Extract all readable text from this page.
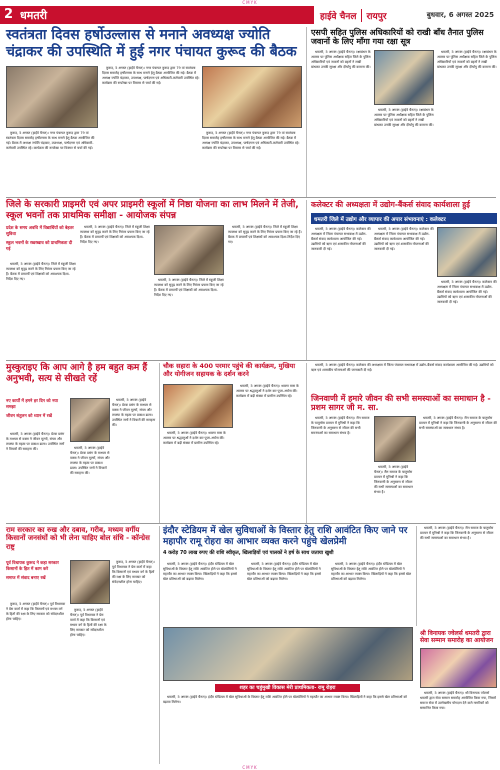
CMYK
2 धमतरी	हाईवे चैनल	रायपुर	बुधवार, 6 अगस्त 2025
स्वतंत्रता दिवस हर्षोउल्लास से मनाने अवध्यक्ष ज्योति चंद्राकर की उपस्थिति में हुई नगर पंचायत कुरूद की बैठक

कुरूद, 5 अगस्त (हाईवे चैनल)। नगर पंचायत कुरूद द्वारा 79 वां स्वतंत्रता दिवस समारोह हर्षोल्लास के साथ मनाने हेतु बैठक आयोजित की गई। बैठक में अध्यक्ष ज्योति चंद्राकर, उपाध्यक्ष, पार्षदगण एवं अधिकारी-कर्मचारी उपस्थित रहे। कार्यक्रम की रूपरेखा पर विस्तार से चर्चा की गई।

कुरूद, 5 अगस्त (हाईवे चैनल)। नगर पंचायत कुरूद द्वारा 79 वां स्वतंत्रता दिवस समारोह हर्षोल्लास के साथ मनाने हेतु बैठक आयोजित की गई। बैठक में अध्यक्ष ज्योति चंद्राकर, उपाध्यक्ष, पार्षदगण एवं अधिकारी-कर्मचारी उपस्थित रहे। कार्यक्रम की रूपरेखा पर विस्तार से चर्चा की गई।

कुरूद, 5 अगस्त (हाईवे चैनल)। नगर पंचायत कुरूद द्वारा 79 वां स्वतंत्रता दिवस समारोह हर्षोल्लास के साथ मनाने हेतु बैठक आयोजित की गई। बैठक में अध्यक्ष ज्योति चंद्राकर, उपाध्यक्ष, पार्षदगण एवं अधिकारी-कर्मचारी उपस्थित रहे। कार्यक्रम की रूपरेखा पर विस्तार से चर्चा की गई।

एसपी सहित पुलिस अधिकारियों को राखी बाँध तैनात पुलिस जवानों के लिए माँगा गया रक्षा सूत्र

धमतरी, 5 अगस्त (हाईवे चैनल)। रक्षाबंधन के अवसर पर पुलिस अधीक्षक सहित जिले के पुलिस अधिकारियों एवं जवानों को बहनों ने राखी बांधकर उनकी सुरक्षा और दीर्घायु की कामना की।

धमतरी, 5 अगस्त (हाईवे चैनल)। रक्षाबंधन के अवसर पर पुलिस अधीक्षक सहित जिले के पुलिस अधिकारियों एवं जवानों को बहनों ने राखी बांधकर उनकी सुरक्षा और दीर्घायु की कामना की।

धमतरी, 5 अगस्त (हाईवे चैनल)। रक्षाबंधन के अवसर पर पुलिस अधीक्षक सहित जिले के पुलिस अधिकारियों एवं जवानों को बहनों ने राखी बांधकर उनकी सुरक्षा और दीर्घायु की कामना की।

जिले के सरकारी प्राइमरी एवं अपर प्राइमरी स्कूलों में निष्ठा योजना का लाभ मिलने में तेजी, स्कूल भवनों तक प्राथमिक समीक्षा - आयोजक संपन्न
प्रदेश के समय अवधि में विद्यार्थियों को बेहतर सुविधा
स्कूल भवनों के रखरखाव को प्राथमिकता दी गई

धमतरी, 5 अगस्त (हाईवे चैनल)। जिले में स्कूली शिक्षा व्यवस्था को सुदृढ़ करने के लिए निरंतर प्रयास किए जा रहे हैं। बैठक में प्राचार्यों एवं शिक्षकों को आवश्यक दिशा-निर्देश दिए गए।

धमतरी, 5 अगस्त (हाईवे चैनल)। जिले में स्कूली शिक्षा व्यवस्था को सुदृढ़ करने के लिए निरंतर प्रयास किए जा रहे हैं। बैठक में प्राचार्यों एवं शिक्षकों को आवश्यक दिशा-निर्देश दिए गए।

धमतरी, 5 अगस्त (हाईवे चैनल)। जिले में स्कूली शिक्षा व्यवस्था को सुदृढ़ करने के लिए निरंतर प्रयास किए जा रहे हैं। बैठक में प्राचार्यों एवं शिक्षकों को आवश्यक दिशा-निर्देश दिए गए।

धमतरी, 5 अगस्त (हाईवे चैनल)। जिले में स्कूली शिक्षा व्यवस्था को सुदृढ़ करने के लिए निरंतर प्रयास किए जा रहे हैं। बैठक में प्राचार्यों एवं शिक्षकों को आवश्यक दिशा-निर्देश दिए गए।

कलेक्टर की अध्यक्षता में उद्योग-बैंकर्स संवाद कार्यशाला हुई
धमतरी जिले में उद्योग और व्यापार की अपार संभावनाएं : कलेक्टर

धमतरी, 5 अगस्त (हाईवे चैनल)। कलेक्टर की अध्यक्षता में जिला पंचायत सभाकक्ष में उद्योग-बैंकर्स संवाद कार्यशाला आयोजित की गई। उद्यमियों को ऋण एवं शासकीय योजनाओं की जानकारी दी गई।

धमतरी, 5 अगस्त (हाईवे चैनल)। कलेक्टर की अध्यक्षता में जिला पंचायत सभाकक्ष में उद्योग-बैंकर्स संवाद कार्यशाला आयोजित की गई। उद्यमियों को ऋण एवं शासकीय योजनाओं की जानकारी दी गई।

धमतरी, 5 अगस्त (हाईवे चैनल)। कलेक्टर की अध्यक्षता में जिला पंचायत सभाकक्ष में उद्योग-बैंकर्स संवाद कार्यशाला आयोजित की गई। उद्यमियों को ऋण एवं शासकीय योजनाओं की जानकारी दी गई।

मुस्कुराइए कि आप आगे है हम बहुत कम हैं अनुभवी, सत्य से सीखते रहें
नए कार्यों में हमने हर दिन को नया समझा
जीवन संतुलन को ध्यान में रखें

धमतरी, 5 अगस्त (हाईवे चैनल)। प्रेरक प्रसंग के माध्यम से वक्ता ने जीवन मूल्यों, संयम और तपस्या के महत्व पर प्रकाश डाला। उपस्थित जनों ने विचारों की सराहना की।

धमतरी, 5 अगस्त (हाईवे चैनल)। प्रेरक प्रसंग के माध्यम से वक्ता ने जीवन मूल्यों, संयम और तपस्या के महत्व पर प्रकाश डाला। उपस्थित जनों ने विचारों की सराहना की।

धमतरी, 5 अगस्त (हाईवे चैनल)। प्रेरक प्रसंग के माध्यम से वक्ता ने जीवन मूल्यों, संयम और तपस्या के महत्व पर प्रकाश डाला। उपस्थित जनों ने विचारों की सराहना की।

चौक सहारा के 400 परमार पहुंचे की कार्यक्रम, मुखिया और योगीजन सहायक के दर्शन करने

धमतरी, 5 अगस्त (हाईवे चैनल)। श्रावण मास के अवसर पर श्रद्धालुओं ने दर्शन कर पूजा-अर्चना की। कार्यक्रम में बड़ी संख्या में ग्रामीण उपस्थित रहे।

धमतरी, 5 अगस्त (हाईवे चैनल)। श्रावण मास के अवसर पर श्रद्धालुओं ने दर्शन कर पूजा-अर्चना की। कार्यक्रम में बड़ी संख्या में ग्रामीण उपस्थित रहे।

धमतरी, 5 अगस्त (हाईवे चैनल)। कलेक्टर की अध्यक्षता में जिला पंचायत सभाकक्ष में उद्योग-बैंकर्स संवाद कार्यशाला आयोजित की गई। उद्यमियों को ऋण एवं शासकीय योजनाओं की जानकारी दी गई।

जिनवाणी में हमारे जीवन की सभी समस्याओं का समाधान है - प्रशम सागर जी म. सा.

धमतरी, 5 अगस्त (हाईवे चैनल)। जैन समाज के चातुर्मास प्रवचन में मुनिश्री ने कहा कि जिनवाणी के अनुसरण से जीवन की सभी समस्याओं का समाधान संभव है।

धमतरी, 5 अगस्त (हाईवे चैनल)। जैन समाज के चातुर्मास प्रवचन में मुनिश्री ने कहा कि जिनवाणी के अनुसरण से जीवन की सभी समस्याओं का समाधान संभव है।

धमतरी, 5 अगस्त (हाईवे चैनल)। जैन समाज के चातुर्मास प्रवचन में मुनिश्री ने कहा कि जिनवाणी के अनुसरण से जीवन की सभी समस्याओं का समाधान संभव है।

राम सरकार का रुख और दबाव, गरीब, मध्यम वर्गीय किसानों जनसंघों को भी लेना चाहिए बोल संधि - कॉन्ग्रेस राष्ट्र
पूर्व विधायक कुरूद ने कहा सरकार किसानों के हित में काम करे
समाज में संवाद बनाए रखें

कुरूद, 5 अगस्त (हाईवे चैनल)। पूर्व विधायक ने प्रेस वार्ता में कहा कि किसानों एवं मध्यम वर्ग के हितों की रक्षा के लिए सरकार को संवेदनशील होना चाहिए।

कुरूद, 5 अगस्त (हाईवे चैनल)। पूर्व विधायक ने प्रेस वार्ता में कहा कि किसानों एवं मध्यम वर्ग के हितों की रक्षा के लिए सरकार को संवेदनशील होना चाहिए।

कुरूद, 5 अगस्त (हाईवे चैनल)। पूर्व विधायक ने प्रेस वार्ता में कहा कि किसानों एवं मध्यम वर्ग के हितों की रक्षा के लिए सरकार को संवेदनशील होना चाहिए।

इंदौर स्टेडियम में खेल सुविधाओं के विस्तार हेतु राशि आवंटित किए जाने पर महापौर रामू रोहरा का आभार व्यक्त करने पहुंचे खेलप्रेमी
4 करोड़ 70 लाख रुपए की राशि स्वीकृत, खिलाड़ियों एवं पालकों ने हर्ष के साथ जताया खुशी

धमतरी, 5 अगस्त (हाईवे चैनल)। इंदौर स्टेडियम में खेल सुविधाओं के विस्तार हेतु राशि आवंटित होने पर खेलप्रेमियों ने महापौर का आभार व्यक्त किया। खिलाड़ियों ने कहा कि इससे खेल प्रतिभाओं को बढ़ावा मिलेगा।

धमतरी, 5 अगस्त (हाईवे चैनल)। इंदौर स्टेडियम में खेल सुविधाओं के विस्तार हेतु राशि आवंटित होने पर खेलप्रेमियों ने महापौर का आभार व्यक्त किया। खिलाड़ियों ने कहा कि इससे खेल प्रतिभाओं को बढ़ावा मिलेगा।

धमतरी, 5 अगस्त (हाईवे चैनल)। इंदौर स्टेडियम में खेल सुविधाओं के विस्तार हेतु राशि आवंटित होने पर खेलप्रेमियों ने महापौर का आभार व्यक्त किया। खिलाड़ियों ने कहा कि इससे खेल प्रतिभाओं को बढ़ावा मिलेगा।

शहर का चहुंमुखी विकास मेरी प्राथमिकता- रामू रोहरा

धमतरी, 5 अगस्त (हाईवे चैनल)। इंदौर स्टेडियम में खेल सुविधाओं के विस्तार हेतु राशि आवंटित होने पर खेलप्रेमियों ने महापौर का आभार व्यक्त किया। खिलाड़ियों ने कहा कि इससे खेल प्रतिभाओं को बढ़ावा मिलेगा।

धमतरी, 5 अगस्त (हाईवे चैनल)। जैन समाज के चातुर्मास प्रवचन में मुनिश्री ने कहा कि जिनवाणी के अनुसरण से जीवन की सभी समस्याओं का समाधान संभव है।

श्री विनायक ज्वेलर्स धमतरी द्वारा सेवा सम्मान समारोह का आयोजन

धमतरी, 5 अगस्त (हाईवे चैनल)। श्री विनायक ज्वेलर्स धमतरी द्वारा सेवा सम्मान समारोह आयोजित किया गया, जिसमें समाज सेवा में उल्लेखनीय योगदान देने वाले नागरिकों को सम्मानित किया गया।

CMYK
